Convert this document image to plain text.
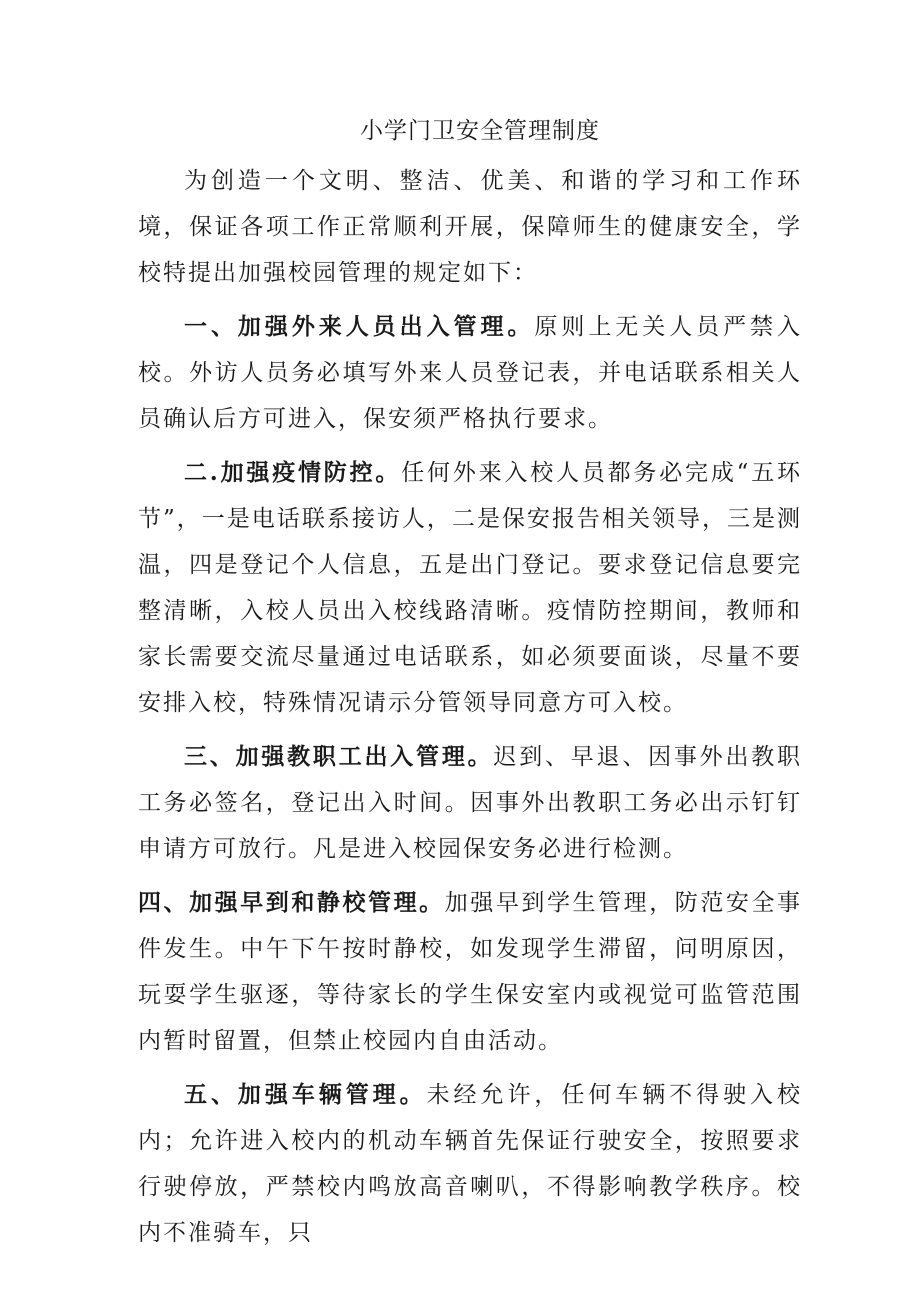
小学门卫安全管理制度

为创造一个文明、整洁、优美、和谐的学习和工作环境，保证各项工作正常顺利开展，保障师生的健康安全，学校特提出加强校园管理的规定如下：

一、加强外来人员出入管理。原则上无关人员严禁入校。外访人员务必填写外来人员登记表，并电话联系相关人员确认后方可进入，保安须严格执行要求。

二.加强疫情防控。任何外来入校人员都务必完成“五环节”，一是电话联系接访人，二是保安报告相关领导，三是测温，四是登记个人信息，五是出门登记。要求登记信息要完整清晰，入校人员出入校线路清晰。疫情防控期间，教师和家长需要交流尽量通过电话联系，如必须要面谈，尽量不要安排入校，特殊情况请示分管领导同意方可入校。

三、加强教职工出入管理。迟到、早退、因事外出教职工务必签名，登记出入时间。因事外出教职工务必出示钉钉申请方可放行。凡是进入校园保安务必进行检测。

四、加强早到和静校管理。加强早到学生管理，防范安全事件发生。中午下午按时静校，如发现学生滞留，问明原因，玩耍学生驱逐，等待家长的学生保安室内或视觉可监管范围内暂时留置，但禁止校园内自由活动。

五、加强车辆管理。未经允许，任何车辆不得驶入校内；允许进入校内的机动车辆首先保证行驶安全，按照要求行驶停放，严禁校内鸣放高音喇叭，不得影响教学秩序。校内不准骑车，只
